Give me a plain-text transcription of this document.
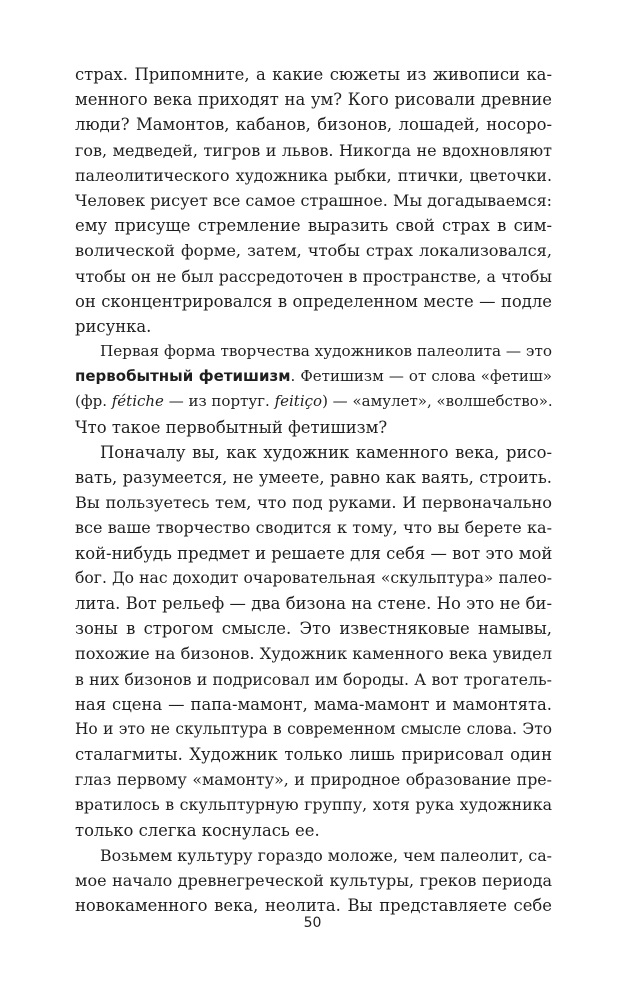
страх. Припомните, а какие сюжеты из живописи ка-
менного века приходят на ум? Кого рисовали древние
люди? Мамонтов, кабанов, бизонов, лошадей, носоро-
гов, медведей, тигров и львов. Никогда не вдохновляют
палеолитического художника рыбки, птички, цветочки.
Человек рисует все самое страшное. Мы догадываемся:
ему присуще стремление выразить свой страх в сим-
волической форме, затем, чтобы страх локализовался,
чтобы он не был рассредоточен в пространстве, а чтобы
он сконцентрировался в определенном месте — подле
рисунка.
Первая форма творчества художников палеолита — это
первобытный фетишизм. Фетишизм — от слова «фетиш»
(фр. fétiche — из португ. feitiço) — «амулет», «волшебство».
Что такое первобытный фетишизм?
Поначалу вы, как художник каменного века, рисо-
вать, разумеется, не умеете, равно как ваять, строить.
Вы пользуетесь тем, что под руками. И первоначально
все ваше творчество сводится к тому, что вы берете ка-
кой-нибудь предмет и решаете для себя — вот это мой
бог. До нас доходит очаровательная «скульптура» палео-
лита. Вот рельеф — два бизона на стене. Но это не би-
зоны в строгом смысле. Это известняковые намывы,
похожие на бизонов. Художник каменного века увидел
в них бизонов и подрисовал им бороды. А вот трогатель-
ная сцена — папа-мамонт, мама-мамонт и мамонтята.
Но и это не скульптура в современном смысле слова. Это
сталагмиты. Художник только лишь пририсовал один
глаз первому «мамонту», и природное образование пре-
вратилось в скульптурную группу, хотя рука художника
только слегка коснулась ее.
Возьмем культуру гораздо моложе, чем палеолит, са-
мое начало древнегреческой культуры, греков периода
новокаменного века, неолита. Вы представляете себе
50
